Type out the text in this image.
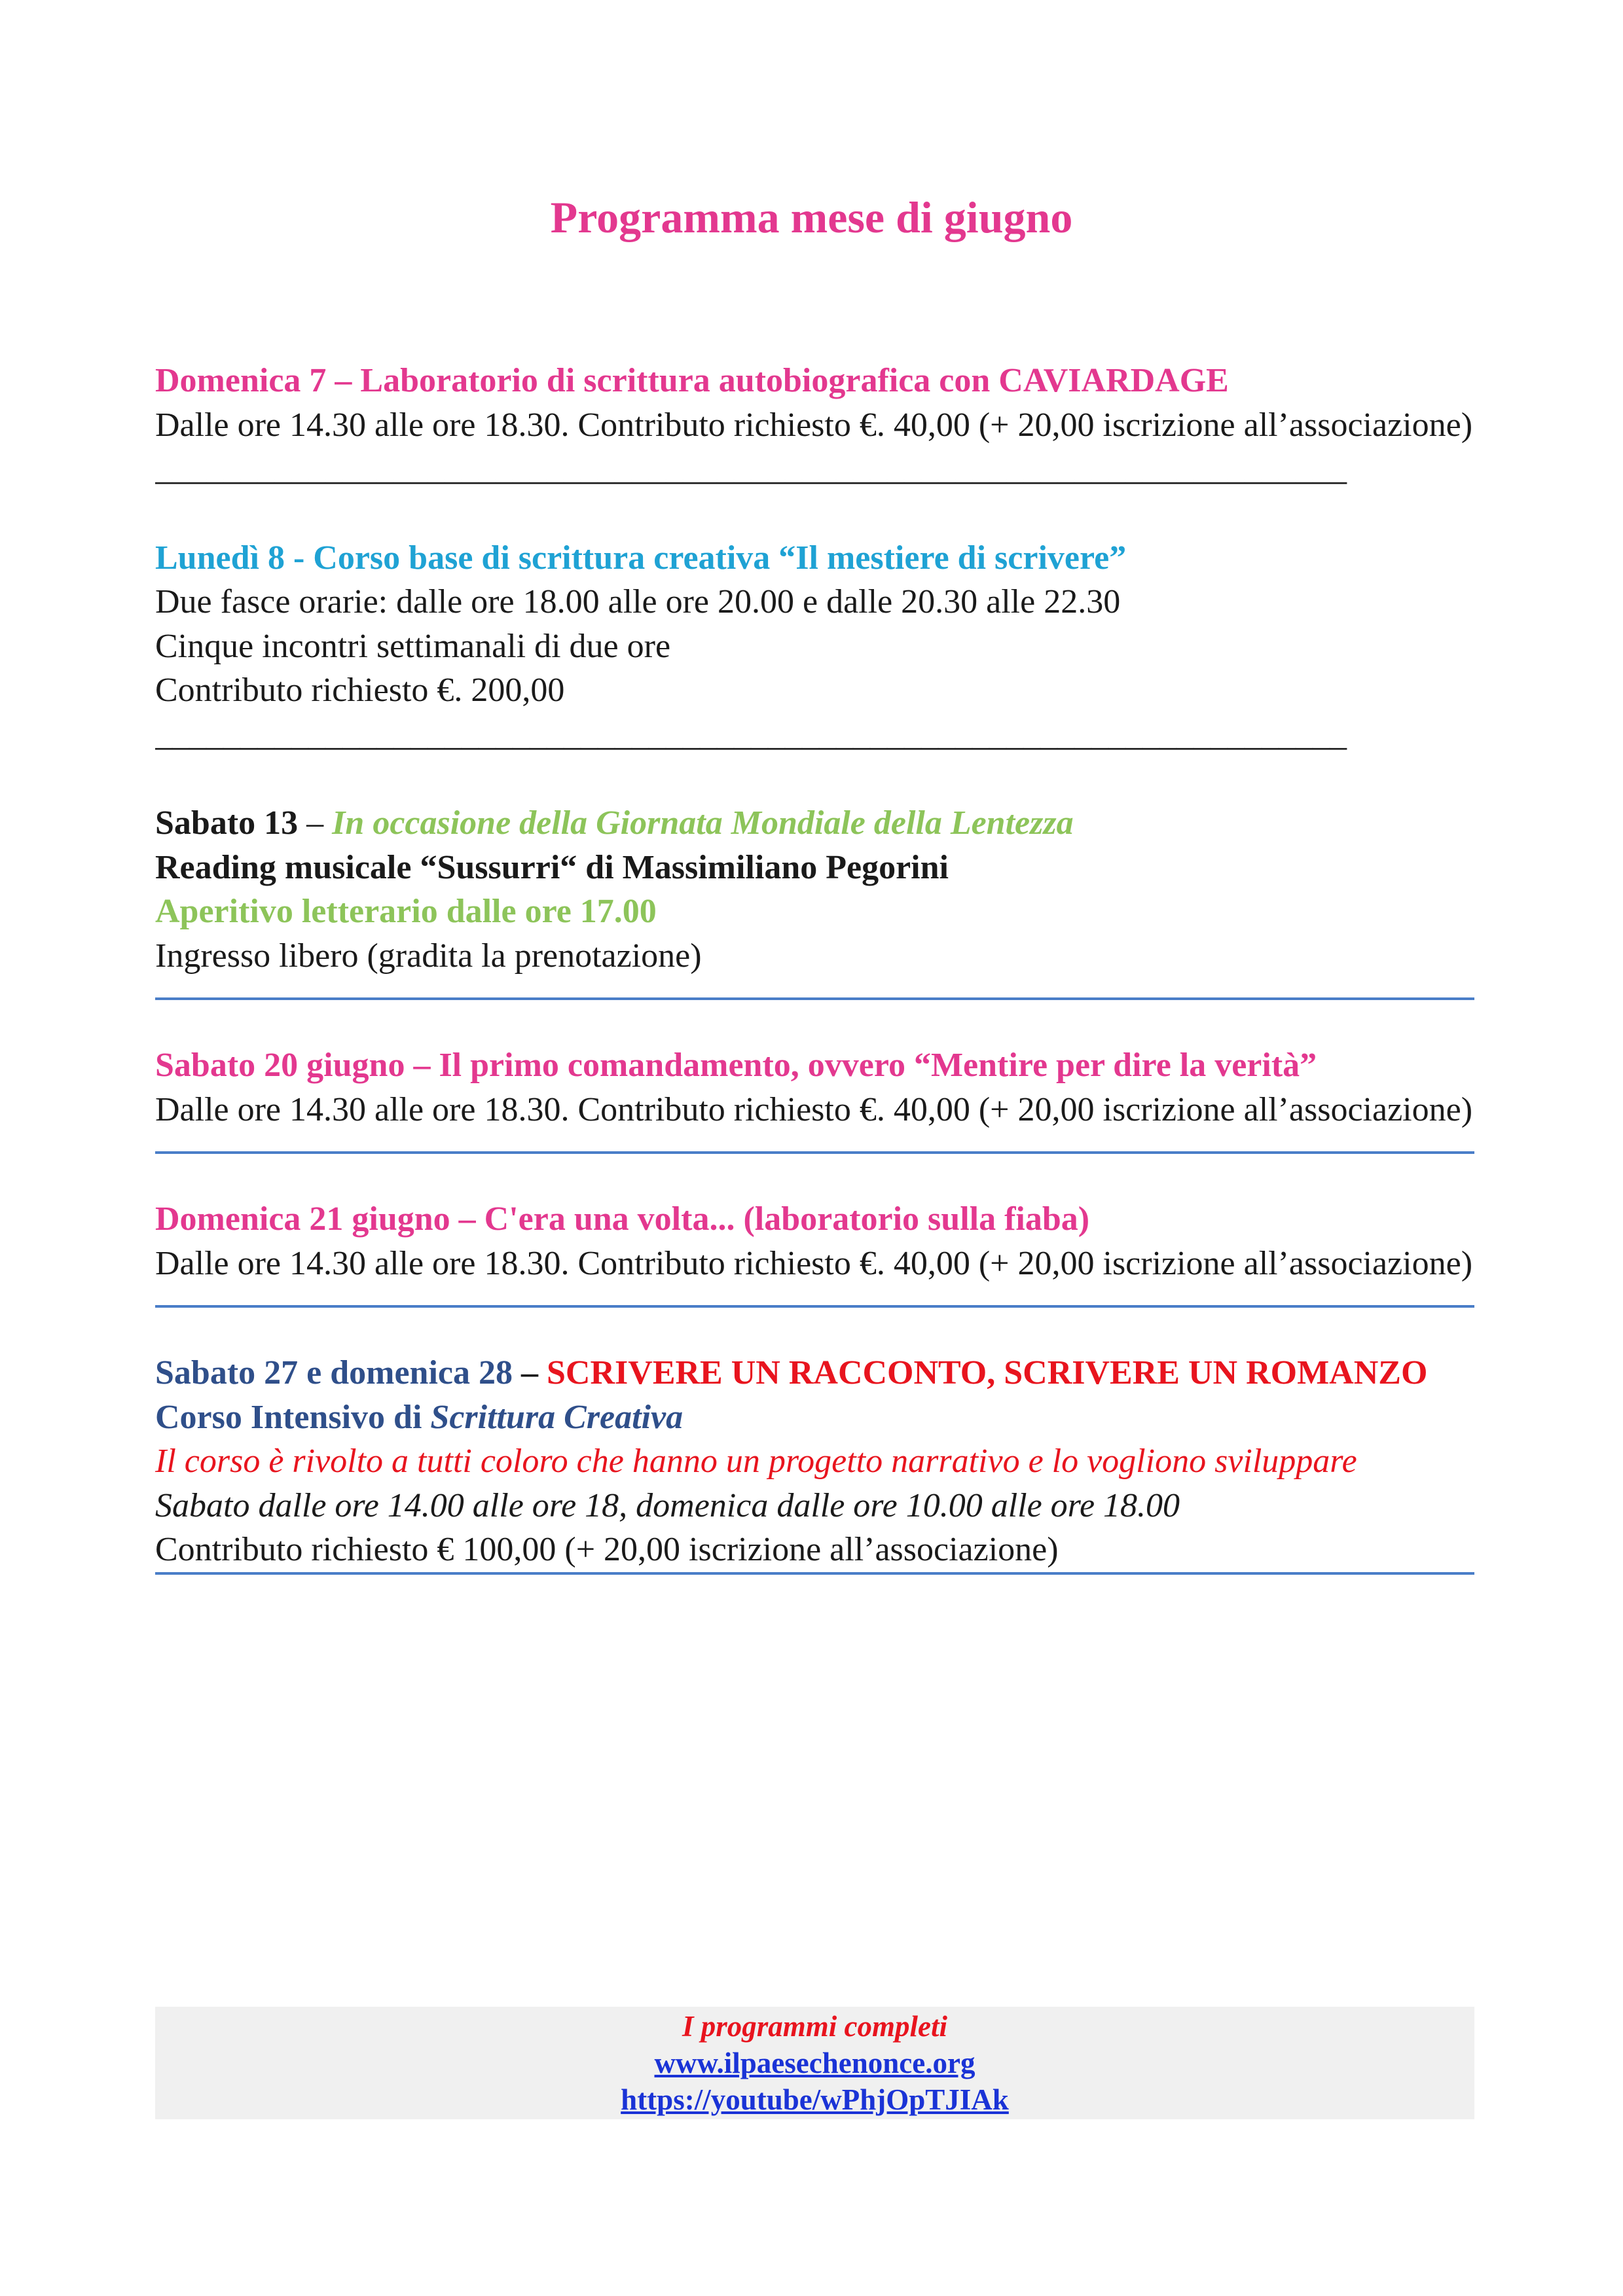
Programma mese di giugno

Domenica 7 – Laboratorio di scrittura autobiografica con CAVIARDAGE

Dalle ore 14.30 alle ore 18.30. Contributo richiesto €. 40,00 (+ 20,00 iscrizione all’associazione)

______________________________________________________________________

Lunedì 8 - Corso base di scrittura creativa “Il mestiere di scrivere”

Due fasce orarie: dalle ore 18.00 alle ore 20.00 e dalle 20.30 alle 22.30

Cinque incontri settimanali di due ore

Contributo richiesto €. 200,00

______________________________________________________________________

Sabato 13 – In occasione della Giornata Mondiale della Lentezza

Reading musicale “Sussurri“ di Massimiliano Pegorini

Aperitivo letterario dalle ore 17.00

Ingresso libero (gradita la prenotazione)

Sabato 20 giugno – Il primo comandamento, ovvero “Mentire per dire la verità”

Dalle ore 14.30 alle ore 18.30. Contributo richiesto €. 40,00 (+ 20,00 iscrizione all’associazione)

Domenica 21 giugno – C'era una volta... (laboratorio sulla fiaba)

Dalle ore 14.30 alle ore 18.30. Contributo richiesto €. 40,00 (+ 20,00 iscrizione all’associazione)

Sabato 27 e domenica 28 – SCRIVERE UN RACCONTO, SCRIVERE UN ROMANZO

Corso Intensivo di Scrittura Creativa

Il corso è rivolto a tutti coloro che hanno un progetto narrativo e lo vogliono sviluppare

Sabato dalle ore 14.00 alle ore 18, domenica dalle ore 10.00 alle ore 18.00

Contributo richiesto € 100,00 (+ 20,00 iscrizione all’associazione)

I programmi completi
www.ilpaesechenonce.org
https://youtube/wPhjOpTJIAk
